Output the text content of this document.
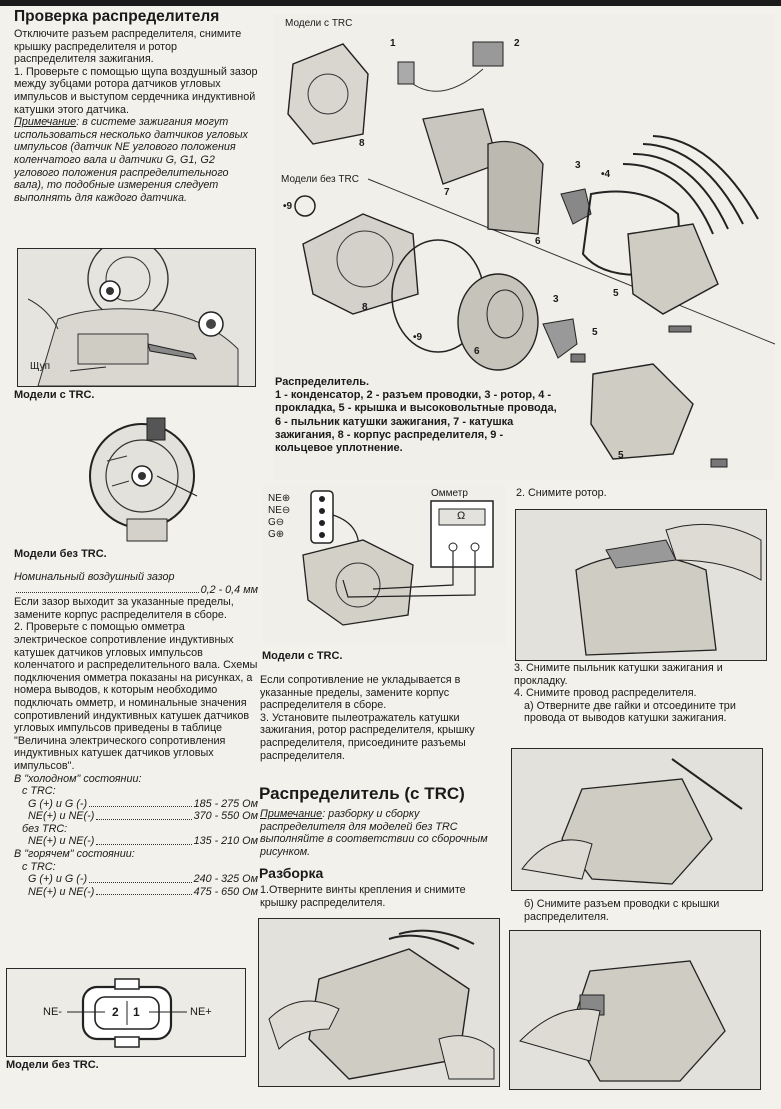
Проверка распределителя

Отключите разъем распределителя, снимите крышку распределителя и ротор распределителя зажигания.

1. Проверьте с помощью щупа воздушный зазор между зубцами ротора датчиков угловых импульсов и выступом сердечника индуктивной катушки этого датчика.

Примечание: в системе зажигания могут использоваться несколько датчиков угловых импульсов (датчик NE углового положения коленчатого вала и датчики G, G1, G2 углового положения распределительного вала), то подобные измерения следует выполнять для каждого датчика.

Щуп
Модели с TRC.
Модели без TRC.

Номинальный воздушный зазор

0,2 - 0,4 мм

Если зазор выходит за указанные пределы, замените корпус распределителя в сборе.

2. Проверьте с помощью омметра электрическое сопротивление индуктивных катушек датчиков угловых импульсов коленчатого и распределительного вала. Схемы подключения омметра показаны на рисунках, а номера выводов, к которым необходимо подключать омметр, и номинальные значения сопротивлений индуктивных катушек датчиков угловых импульсов приведены в таблице "Величина электрического сопротивления индуктивных катушек датчиков угловых импульсов".

В "холодном" состоянии:

с TRC:

G (+) и G (-)	185 - 275 Ом
NE(+) и NE(-)	370 - 550 Ом

без TRC:

NE(+) и NE(-)	135 - 210 Ом

В "горячем" состоянии:

с TRC:

G (+) и G (-)	240 - 325 Ом
NE(+) и NE(-)	475 - 650 Ом
NE-	2 1	NE+
Модели без TRC.
Модели с TRC
Модели без TRC
1	2
3
•4
5
6
7
8
•9
8
•9
6
3
5
5

Распределитель.

1 - конденсатор, 2 - разъем проводки, 3 - ротор, 4 - прокладка, 5 - крышка и высоковольтные провода, 6 - пыльник катушки зажигания, 7 - катушка зажигания, 8 - корпус распределителя, 9 - кольцевое уплотнение.

NE⊕
NE⊖
G⊖
G⊕
Омметр
Ω
Модели с TRC.

Если сопротивление не укладывается в указанные пределы, замените корпус распределителя в сборе.

3. Установите пылеотражатель катушки зажигания, ротор распределителя, крышку распределителя, присоедините разъемы распределителя.

Распределитель (с TRC)

Примечание: разборку и сборку распределителя для моделей без TRC выполняйте в соответствии со сборочным рисунком.

Разборка

1.Отверните винты крепления и снимите крышку распределителя.

2. Снимите ротор.

3. Снимите пыльник катушки зажигания и прокладку.

4. Снимите провод распределителя.

а) Отверните две гайки и отсоедините три провода от выводов катушки зажигания.

б) Снимите разъем проводки с крышки распределителя.
